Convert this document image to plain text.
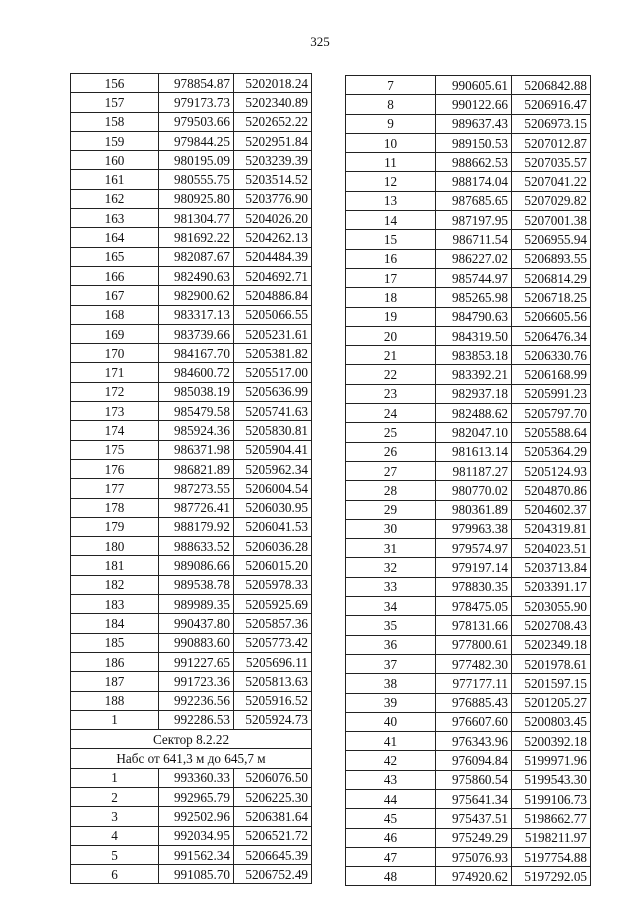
325
156	978854.87	5202018.24
157	979173.73	5202340.89
158	979503.66	5202652.22
159	979844.25	5202951.84
160	980195.09	5203239.39
161	980555.75	5203514.52
162	980925.80	5203776.90
163	981304.77	5204026.20
164	981692.22	5204262.13
165	982087.67	5204484.39
166	982490.63	5204692.71
167	982900.62	5204886.84
168	983317.13	5205066.55
169	983739.66	5205231.61
170	984167.70	5205381.82
171	984600.72	5205517.00
172	985038.19	5205636.99
173	985479.58	5205741.63
174	985924.36	5205830.81
175	986371.98	5205904.41
176	986821.89	5205962.34
177	987273.55	5206004.54
178	987726.41	5206030.95
179	988179.92	5206041.53
180	988633.52	5206036.28
181	989086.66	5206015.20
182	989538.78	5205978.33
183	989989.35	5205925.69
184	990437.80	5205857.36
185	990883.60	5205773.42
186	991227.65	5205696.11
187	991723.36	5205813.63
188	992236.56	5205916.52
1	992286.53	5205924.73
Сектор 8.2.22		
Набс от 641,3 м до 645,7 м		
1	993360.33	5206076.50
2	992965.79	5206225.30
3	992502.96	5206381.64
4	992034.95	5206521.72
5	991562.34	5206645.39
6	991085.70	5206752.49
7	990605.61	5206842.88
8	990122.66	5206916.47
9	989637.43	5206973.15
10	989150.53	5207012.87
11	988662.53	5207035.57
12	988174.04	5207041.22
13	987685.65	5207029.82
14	987197.95	5207001.38
15	986711.54	5206955.94
16	986227.02	5206893.55
17	985744.97	5206814.29
18	985265.98	5206718.25
19	984790.63	5206605.56
20	984319.50	5206476.34
21	983853.18	5206330.76
22	983392.21	5206168.99
23	982937.18	5205991.23
24	982488.62	5205797.70
25	982047.10	5205588.64
26	981613.14	5205364.29
27	981187.27	5205124.93
28	980770.02	5204870.86
29	980361.89	5204602.37
30	979963.38	5204319.81
31	979574.97	5204023.51
32	979197.14	5203713.84
33	978830.35	5203391.17
34	978475.05	5203055.90
35	978131.66	5202708.43
36	977800.61	5202349.18
37	977482.30	5201978.61
38	977177.11	5201597.15
39	976885.43	5201205.27
40	976607.60	5200803.45
41	976343.96	5200392.18
42	976094.84	5199971.96
43	975860.54	5199543.30
44	975641.34	5199106.73
45	975437.51	5198662.77
46	975249.29	5198211.97
47	975076.93	5197754.88
48	974920.62	5197292.05
